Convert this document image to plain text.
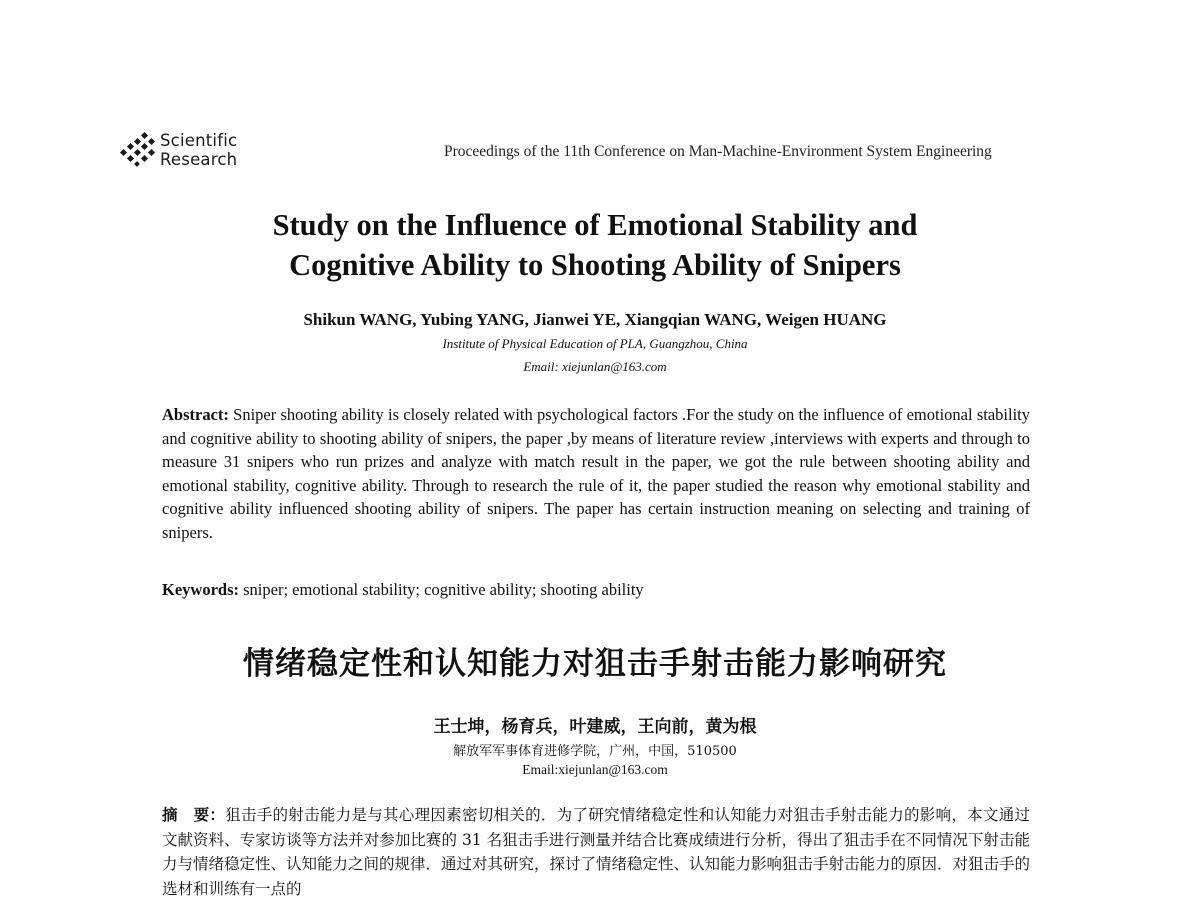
Scientific
Research	Proceedings of the 11th Conference on Man-Machine-Environment System Engineering
Study on the Influence of Emotional Stability and
Cognitive Ability to Shooting Ability of Snipers
Shikun WANG, Yubing YANG, Jianwei YE, Xiangqian WANG, Weigen HUANG
Institute of Physical Education of PLA, Guangzhou, China
Email: xiejunlan@163.com
Abstract: Sniper shooting ability is closely related with psychological factors .For the study on the influence of emotional stability and cognitive ability to shooting ability of snipers, the paper ,by means of literature review ,interviews with experts and through to measure 31 snipers who run prizes and analyze with match result in the paper, we got the rule between shooting ability and emotional stability, cognitive ability. Through to research the rule of it, the paper studied the reason why emotional stability and cognitive ability influenced shooting ability of snipers. The paper has certain instruction meaning on selecting and training of snipers.
Keywords: sniper; emotional stability; cognitive ability; shooting ability
情绪稳定性和认知能力对狙击手射击能力影响研究
王士坤，杨育兵，叶建威，王向前，黄为根
解放军军事体育进修学院，广州，中国，510500
Email:xiejunlan@163.com
摘　要：狙击手的射击能力是与其心理因素密切相关的．为了研究情绪稳定性和认知能力对狙击手射击能力的影响，本文通过文献资料、专家访谈等方法并对参加比赛的 31 名狙击手进行测量并结合比赛成绩进行分析，得出了狙击手在不同情况下射击能力与情绪稳定性、认知能力之间的规律．通过对其研究，探讨了情绪稳定性、认知能力影响狙击手射击能力的原因．对狙击手的选材和训练有一点的
